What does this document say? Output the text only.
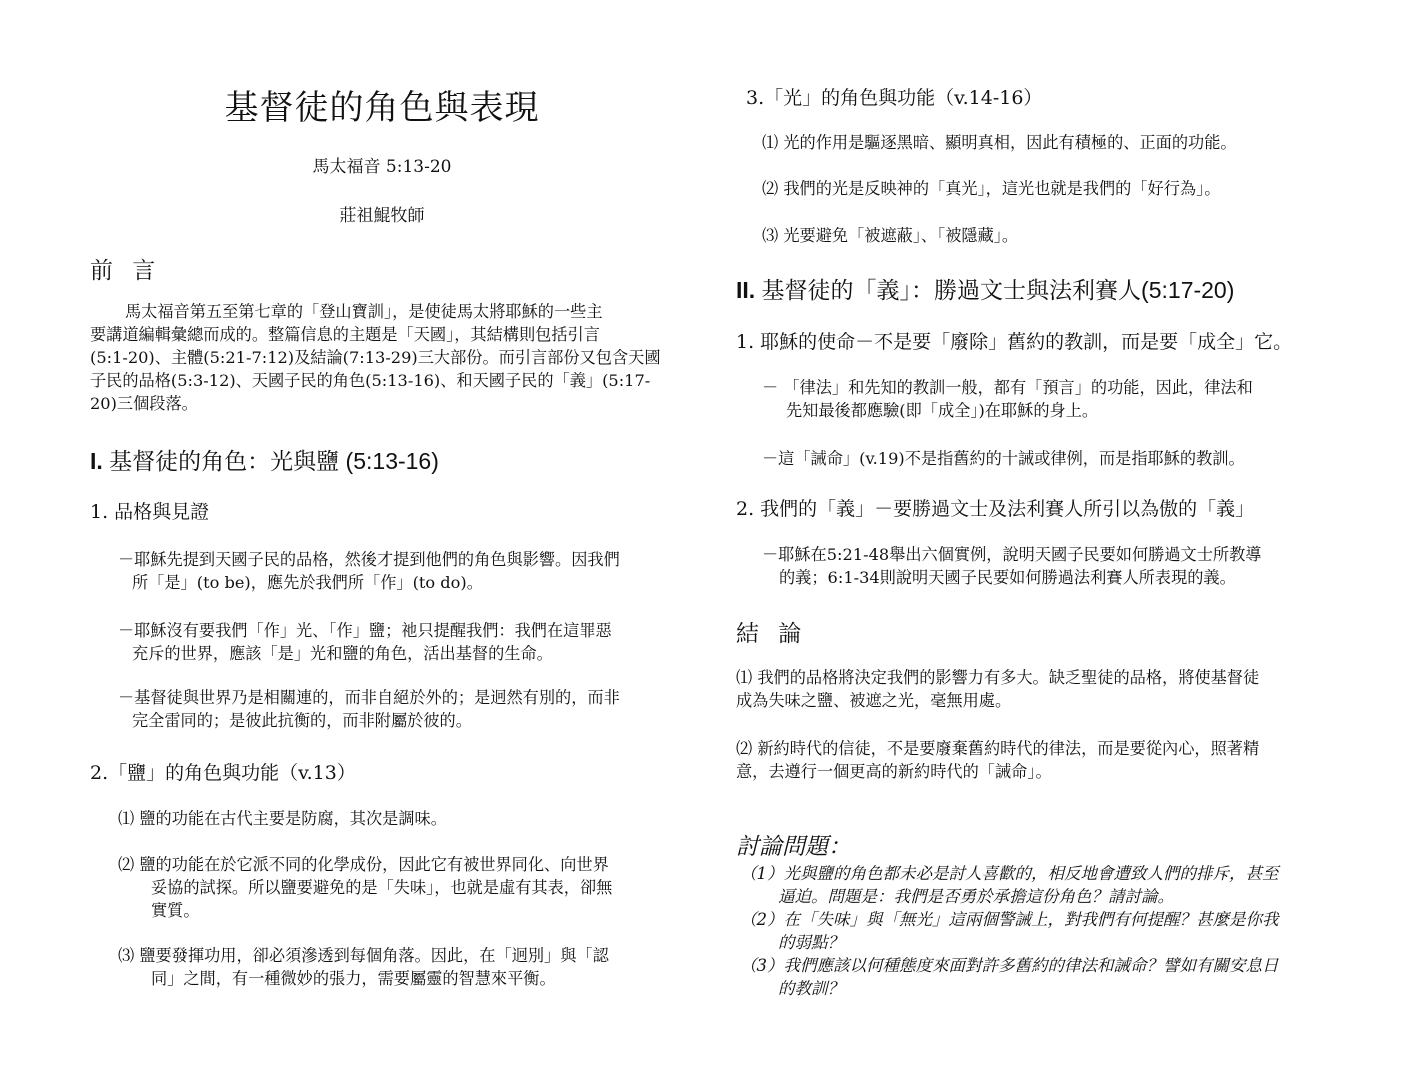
基督徒的角色與表現
馬太福音 5:13-20
莊祖鯤牧師
前 言
馬太福音第五至第七章的「登山寶訓」，是使徒馬太將耶穌的一些主
要講道編輯彙總而成的。整篇信息的主題是「天國」，其結構則包括引言
(5:1-20)、主體(5:21-7:12)及結論(7:13-29)三大部份。而引言部份又包含天國
子民的品格(5:3-12)、天國子民的角色(5:13-16)、和天國子民的「義」(5:17-
20)三個段落。
I. 基督徒的角色：光與鹽 (5:13-16)
1. 品格與見證
－耶穌先提到天國子民的品格，然後才提到他們的角色與影響。因我們
所「是」(to be)，應先於我們所「作」(to do)。
－耶穌沒有要我們「作」光、「作」鹽；祂只提醒我們：我們在這罪惡
充斥的世界，應該「是」光和鹽的角色，活出基督的生命。
－基督徒與世界乃是相關連的，而非自絕於外的；是迥然有別的，而非
完全雷同的；是彼此抗衡的，而非附屬於彼的。
2.「鹽」的角色與功能（v.13）
⑴ 鹽的功能在古代主要是防腐，其次是調味。
⑵ 鹽的功能在於它派不同的化學成份，因此它有被世界同化、向世界
妥協的試探。所以鹽要避免的是「失味」，也就是虛有其表，卻無
實質。
⑶ 鹽要發揮功用，卻必須滲透到每個角落。因此，在「迥別」與「認
同」之間，有一種微妙的張力，需要屬靈的智慧來平衡。
3.「光」的角色與功能（v.14-16）
⑴ 光的作用是驅逐黑暗、顯明真相，因此有積極的、正面的功能。
⑵ 我們的光是反映神的「真光」，這光也就是我們的「好行為」。
⑶ 光要避免「被遮蔽」、「被隱藏」。
II. 基督徒的「義」：勝過文士與法利賽人(5:17-20)
1. 耶穌的使命－不是要「廢除」舊約的教訓，而是要「成全」它。
－ 「律法」和先知的教訓一般，都有「預言」的功能，因此，律法和
先知最後都應驗(即「成全」)在耶穌的身上。
－這「誡命」(v.19)不是指舊約的十誡或律例，而是指耶穌的教訓。
2. 我們的「義」－要勝過文士及法利賽人所引以為傲的「義」
－耶穌在5:21-48舉出六個實例，說明天國子民要如何勝過文士所教導
的義；6:1-34則說明天國子民要如何勝過法利賽人所表現的義。
結 論
⑴ 我們的品格將決定我們的影響力有多大。缺乏聖徒的品格，將使基督徒
成為失味之鹽、被遮之光，毫無用處。
⑵ 新約時代的信徒，不是要廢棄舊約時代的律法，而是要從內心，照著精
意，去遵行一個更高的新約時代的「誡命」。
討論問題：
（1）光與鹽的角色都未必是討人喜歡的，相反地會遭致人們的排斥，甚至
逼迫。問題是：我們是否勇於承擔這份角色？請討論。
（2）在「失味」與「無光」這兩個警誡上，對我們有何提醒？甚麼是你我
的弱點？
（3）我們應該以何種態度來面對許多舊約的律法和誡命？譬如有關安息日
的教訓？
